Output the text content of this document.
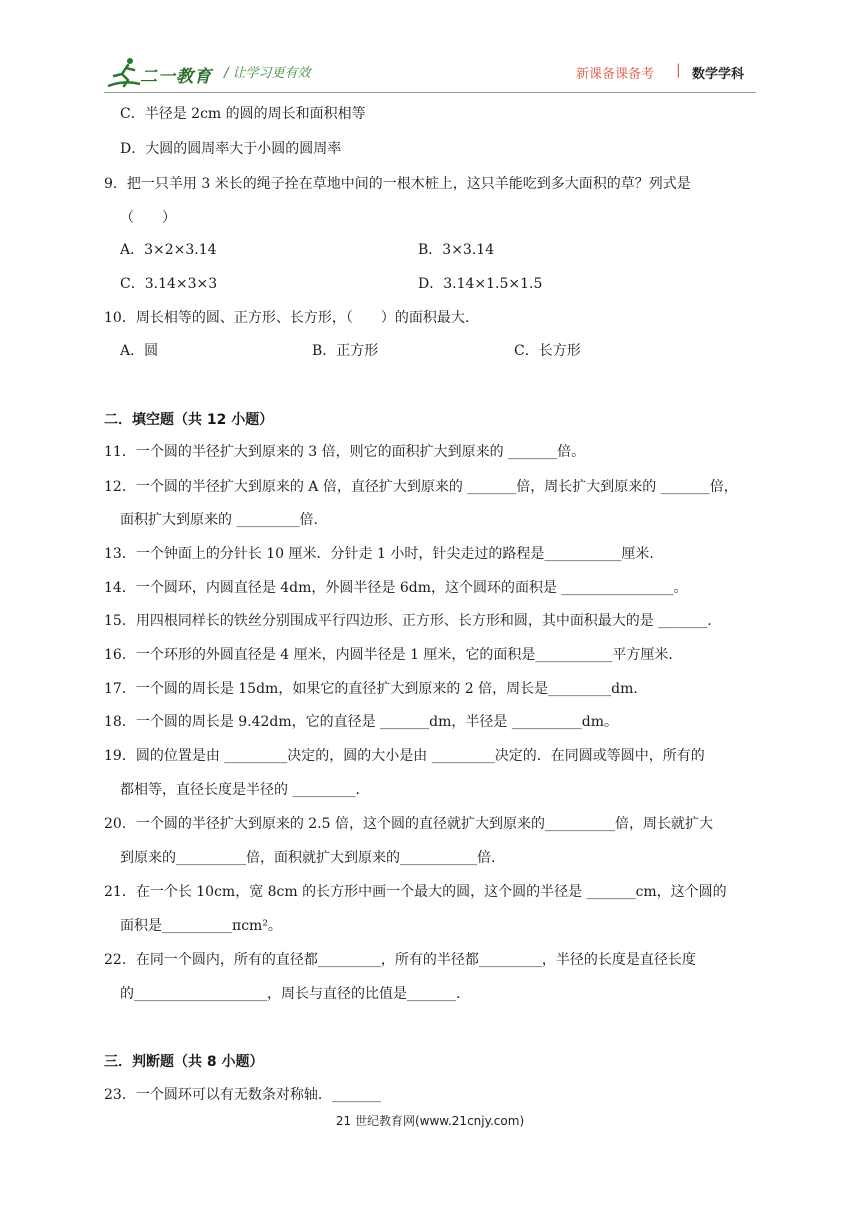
二一教育 / 让学习更有效	新课备课备考 | 数学学科
C．半径是 2cm 的圆的周长和面积相等
D．大圆的圆周率大于小圆的圆周率
9．把一只羊用 3 米长的绳子拴在草地中间的一根木桩上，这只羊能吃到多大面积的草？列式是
（　　）
A．3×2×3.14	B．3×3.14
C．3.14×3×3	D．3.14×1.5×1.5
10．周长相等的圆、正方形、长方形，（　　）的面积最大.
A．圆	B．正方形	C．长方形
二．填空题（共 12 小题）
11．一个圆的半径扩大到原来的 3 倍，则它的面积扩大到原来的 _______倍。
12．一个圆的半径扩大到原来的 A 倍，直径扩大到原来的 _______倍，周长扩大到原来的 _______倍，
面积扩大到原来的 _________倍.
13．一个钟面上的分针长 10 厘米．分针走 1 小时，针尖走过的路程是___________厘米.
14．一个圆环，内圆直径是 4dm，外圆半径是 6dm，这个圆环的面积是 ________________。
15．用四根同样长的铁丝分别围成平行四边形、正方形、长方形和圆，其中面积最大的是 _______.
16．一个环形的外圆直径是 4 厘米，内圆半径是 1 厘米，它的面积是___________平方厘米.
17．一个圆的周长是 15dm，如果它的直径扩大到原来的 2 倍，周长是_________dm.
18．一个圆的周长是 9.42dm，它的直径是 _______dm，半径是 __________dm。
19．圆的位置是由 _________决定的，圆的大小是由 _________决定的．在同圆或等圆中，所有的
都相等，直径长度是半径的 _________.
20．一个圆的半径扩大到原来的 2.5 倍，这个圆的直径就扩大到原来的__________倍，周长就扩大
到原来的__________倍，面积就扩大到原来的___________倍.
21．在一个长 10cm，宽 8cm 的长方形中画一个最大的圆，这个圆的半径是 _______cm，这个圆的
面积是__________πcm²。
22．在同一个圆内，所有的直径都_________，所有的半径都_________，半径的长度是直径长度
的___________________，周长与直径的比值是_______.
三．判断题（共 8 小题）
23．一个圆环可以有无数条对称轴．_______
21 世纪教育网(www.21cnjy.com)
